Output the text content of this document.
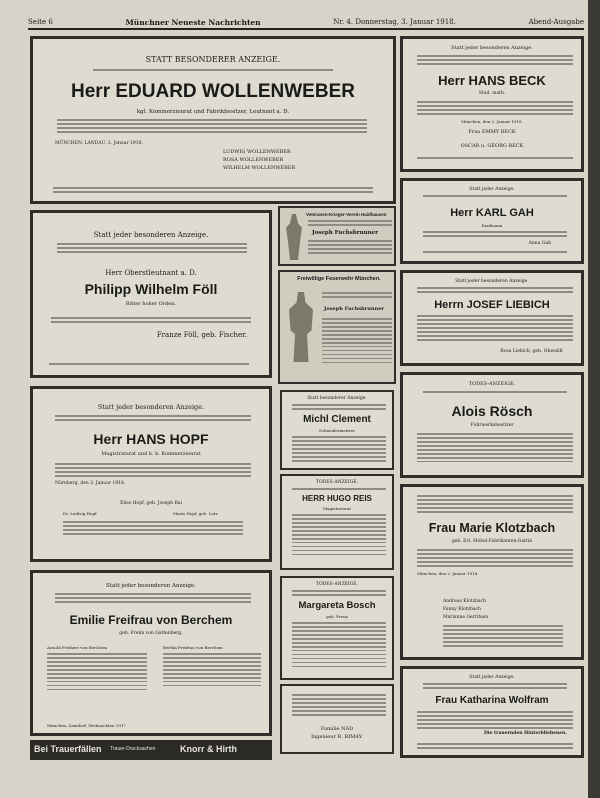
Seite 6	Münchner Neueste Nachrichten	Nr. 4. Donnerstag, 3. Januar 1918.	Abend-Ausgabe
STATT BESONDERER ANZEIGE.
Herr EDUARD WOLLENWEBER
kgl. Kommerzienrat und Fabrikbesitzer, Leutnant a. D.
MÜNCHEN, LANDAU, 2. Januar 1918.
LUDWIG WOLLENWEBER
ROSA WOLLENWEBER
WILHELM WOLLENWEBER
Statt jeder besonderen Anzeige.
Herr Oberstleutnant a. D.
Philipp Wilhelm Föll
Ritter hoher Orden.
Franze Föll, geb. Fischer.
Statt jeder besonderen Anzeige.
Herr HANS HOPF
Magistratsrat und k. b. Kommerzienrat
Nürnberg, den 2. Januar 1918.
Elise Hopf, geb. Joseph Bai
Dr. Ludwig Hopf	Maria Hopf, geb. Lutz
Statt jeder besonderen Anzeige.
Emilie Freifrau von Berchem
geb. Freiin von Gattenberg.
Arnold Freiherr von Berchem	Bertha Freifrau von Berchem
München, Zamdorf, Weihnachten 1917
Bei Trauerfällen Trauer-Drucksachen	Knorr & Hirth
Veteranen-Krieger-Verein Haidhausen
Joseph Fuchsbrunner
Freiwillige Feuerwehr München.
Joseph Fuchsbrunner
Statt besonderer Anzeige.
Michl Clement
Schneidermeister
TODES-ANZEIGE.
HERR HUGO REIS
Magistratsrat
TODES-ANZEIGE.
Margareta Bosch
geb. Frenz
Familie NAD
Ingenieur R. RIMAY.
Statt jeder besonderen Anzeige.
Herr HANS BECK
Stud. math.
München, den 2. Januar 1918.
Frau EMMY BECK
OSCAR u. GEORG BECK
Statt jeder Anzeige.
Herr KARL GAH
Kaufmann
Anna Gah
Statt jeder besonderen Anzeige.
Herrn JOSEF LIEBICH
Rosa Liebich, geb. Obwaldt
TODES-ANZEIGE.
Alois Rösch
Fuhrwerksbesitzer
Frau Marie Klotzbach
geb. Erl, Möbel-Fabrikanten-Gattin
München, den 2. Januar 1918.
Andreas Klotzbach
Fanny Klotzbach
Marianne Gerritsen
Statt jeder Anzeige.
Frau Katharina Wolfram
Die trauernden Hinterbliebenen.
